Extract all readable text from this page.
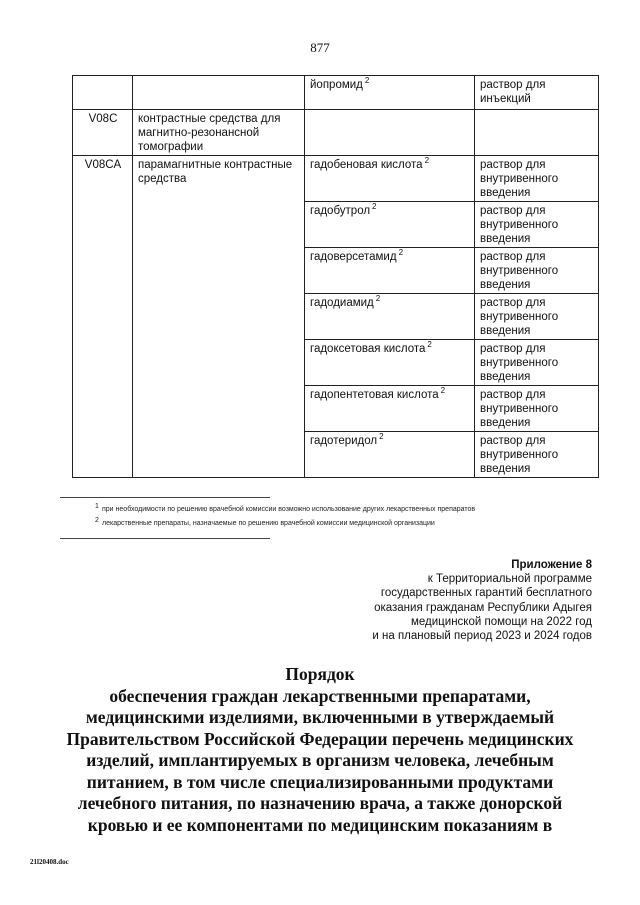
877
		йопромид $^2$	раствор для инъекций
V08C	контрастные средства для магнитно-резонансной томографии		
V08CA	парамагнитные контрастные средства	гадобеновая кислота $^2$	раствор для внутривенного введения
		гадобутрол $^2$	раствор для внутривенного введения
		гадоверсетамид $^2$	раствор для внутривенного введения
		гадодиамид $^2$	раствор для внутривенного введения
		гадоксетовая кислота $^2$	раствор для внутривенного введения
		гадопентетовая кислота $^2$	раствор для внутривенного введения
		гадотеридол $^2$	раствор для внутривенного введения
1 при необходимости по решению врачебной комиссии возможно использование других лекарственных препаратов
2 лекарственные препараты, назначаемые по решению врачебной комиссии медицинской организации
Приложение 8
к Территориальной программе
государственных гарантий бесплатного
оказания гражданам Республики Адыгея
медицинской помощи на 2022 год
и на плановый период 2023 и 2024 годов
Порядок
обеспечения граждан лекарственными препаратами,
медицинскими изделиями, включенными в утверждаемый
Правительством Российской Федерации перечень медицинских
изделий, имплантируемых в организм человека, лечебным
питанием, в том числе специализированными продуктами
лечебного питания, по назначению врача, а также донорской
кровью и ее компонентами по медицинским показаниям в
21l20408.doc
